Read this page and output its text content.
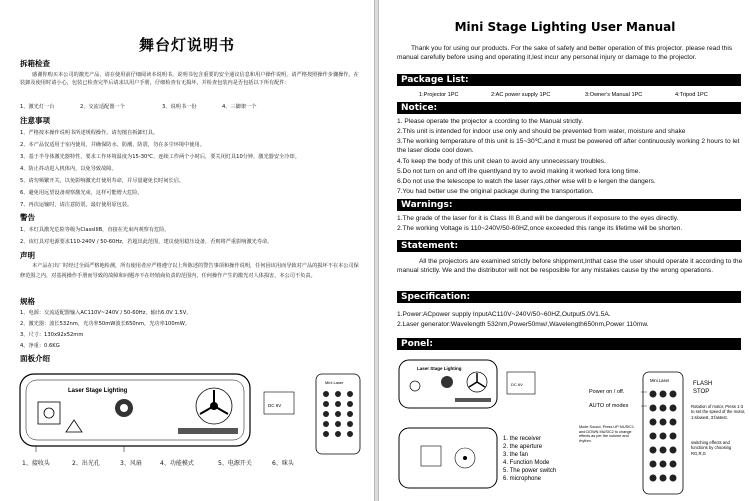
舞台灯说明书
拆箱检查
感谢你购买本公司的激光产品，请在使用前仔细阅读本说明书，说明书包含重要的安全通议信息和用户操作说明，请严格按照操作步骤操作。在装卸及使用时请小心，包装已检查完毕后请求以用户手册，仔细检查有无损坏，并检查包装内是否包括以下所有配件：
1、激光灯一台	2、交流适配器一个	3、说明书一份	4、三脚架一个
注意事项
1、严格按本操作说明书所述规程操作。请勿擅自拆卸灯具。
2、本产品仅适用于室内使用，并确保防水、防潮、防震，勿在多尘环境中使用。
3、基于半导体激光器特性，要求工作环境温度为15-30℃，连续工作两个小时后，要关闭灯具10分钟，激光器安全冷却。
4、防止抖动进入机体内，以免导致故障。
5、请勿频繁开关，以免影响激光灯使用寿命，并尽量避免长时间长启。
6、避免用远望设备观察激光束，这样可能增大危险。
7、再次运输时，请注意防震。最好使用原包装。
警告
1、本灯具激光危险等级为ClassIIIB，直接在光束内观察有危险。
2、该灯具对电源要求110-240V / 50-60Hz，若超出此范围，建议使用稳压设备，否则将严重影响激光寿命。
声明
本产品在出厂时经过全面严格地检测，所有使用者应严格遵守以上所陈述的警告事项和操作说明，任何因该用而导致对产品的损坏不在本公司保修范围之内，对基视操作手册而导致的故障和问题亦不在经销商负责的范围内，任何操作产生的激光对人体损害，本公司不负责。
规格
1、电源：交流适配器输入AC110V~240V / 50-60Hz，输出6.0V 1.5V。
2、激光器：波长532nm，光功率50mW波长650nm，光功率100mW。
3、尺寸：130x92x52mm
4、净重：0.6KG
面板介绍
Laser Stage Lighting
DC 6V
Mini Laser
1、接收头	2、出光孔	3、风扇	4、功能模式	5、电源开关	6、咪头
Mini Stage Lighting User Manual
Thank you for using our products. For the sake of safety and better operation of this projector. please read this manual carefully before using and operating it,lest incur any personal injury or damage to the projector.
Package List:
1:Projector 1PC	2:AC power supply 1PC	3:Owner's Manual 1PC	4:Tripod 1PC
Notice:
1. Please operate the projector a ccording to the Manual strictly.
2.This unit is intended for indoor use only and should be prevented from water, moisture and shake
3.The working temperature of this unit is 15~30℃,and it must be powered off after continuously working 2 hours to let the laser diode cool down.
4.To keep the body of this unit clean to avoid any unnecessary troubles.
5.Do not turn on and off ifre quentlyand try to avoid making it worked fora long time.
6.Do not use the telescope to watch the laser rays,other wise will b e lergen the dangers.
7.You had better use the original package during the transportation.
Warnings:
1.The grade of the laser for it is Class III B,and will be dangerous if exposure to the eyes directly.
2.The working Voltage is 110~240V/50-60HZ,once exceeded this range its lifetime will be shorten.
Statement:
All the projectors are examined strictly before shippment,Inthat case the user should operate it according to the manual strictly. We and the distributor will not be resposible for any mistakes cause by the wrong operations.
Specification:
1.Power:ACpower supply InputAC110V~240V/50~60HZ,Output5.0V1.5A.
2.Laser generator:Wavelength 532nm,Power50mw/,Wavelength650nm,Power 110mw.
Ponel:
Laser Stage Lighting
DC 6V
1. the receiver
2. the aperture
3. the fan
4. Function Mode
5. The power switch
6. microphone
Power on / off.
AUTO of modes
Mode Sound, Press UP MUSIC1 and DOWN MUSIC2 to change effects as per the volume and rhythm.
Mini Laser
FLASH
STOP
Rotation of motor, Press 1-3 to set the speed of the motor, 1:slowest, 3:fastest.
switching effects and functions by choosing RG,R,G
